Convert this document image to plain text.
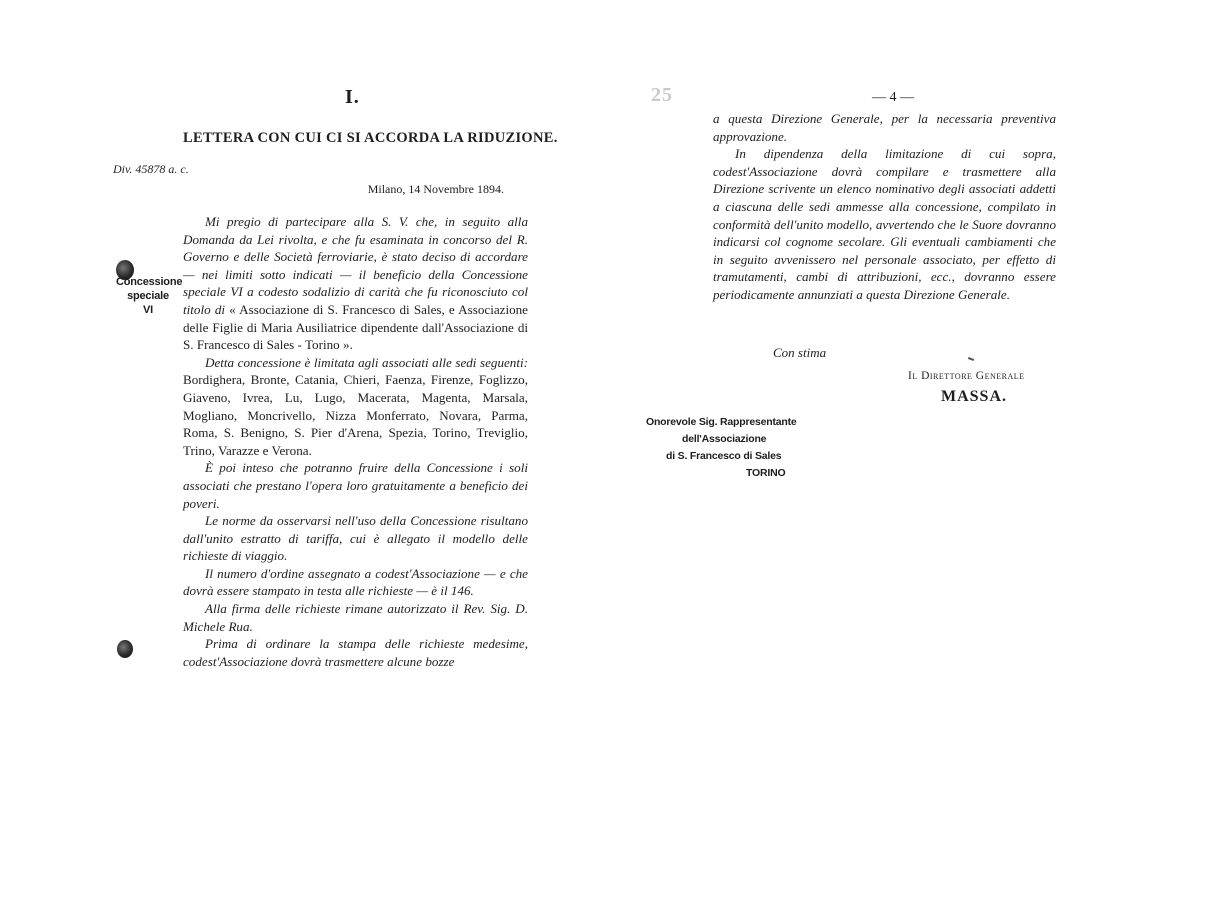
I.
LETTERA CON CUI CI SI ACCORDA LA RIDUZIONE.
Div. 45878 a. c.
Milano, 14 Novembre 1894.
Concessione
speciale
VI

Mi pregio di partecipare alla S. V. che, in seguito alla Domanda da Lei rivolta, e che fu esaminata in concorso del R. Governo e delle Società ferroviarie, è stato deciso di accordare — nei limiti sotto indicati — il beneficio della Concessione speciale VI a codesto sodalizio di carità che fu riconosciuto col titolo di « Associazione di S. Francesco di Sales, e Associazione delle Figlie di Maria Ausiliatrice dipendente dall'Associazione di S. Francesco di Sales - Torino ».

Detta concessione è limitata agli associati alle sedi seguenti: Bordighera, Bronte, Catania, Chieri, Faenza, Firenze, Foglizzo, Giaveno, Ivrea, Lu, Lugo, Macerata, Magenta, Marsala, Mogliano, Moncrivello, Nizza Monferrato, Novara, Parma, Roma, S. Benigno, S. Pier d'Arena, Spezia, Torino, Treviglio, Trino, Varazze e Verona.

È poi inteso che potranno fruire della Concessione i soli associati che prestano l'opera loro gratuitamente a beneficio dei poveri.

Le norme da osservarsi nell'uso della Concessione risultano dall'unito estratto di tariffa, cui è allegato il modello delle richieste di viaggio.

Il numero d'ordine assegnato a codest'Associazione — e che dovrà essere stampato in testa alle richieste — è il 146.

Alla firma delle richieste rimane autorizzato il Rev. Sig. D. Michele Rua.

Prima di ordinare la stampa delle richieste medesime, codest'Associazione dovrà trasmettere alcune bozze

25	— 4 —

a questa Direzione Generale, per la necessaria preventiva approvazione.

In dipendenza della limitazione di cui sopra, codest'Associazione dovrà compilare e trasmettere alla Direzione scrivente un elenco nominativo degli associati addetti a ciascuna delle sedi ammesse alla concessione, compilato in conformità dell'unito modello, avvertendo che le Suore dovranno indicarsi col cognome secolare. Gli eventuali cambiamenti che in seguito avvenissero nel personale associato, per effetto di tramutamenti, cambi di attribuzioni, ecc., dovranno essere periodicamente annunziati a questa Direzione Generale.

Con stima
Il Direttore Generale
MASSA.
Onorevole Sig. Rappresentante
dell'Associazione
di S. Francesco di Sales
TORINO
